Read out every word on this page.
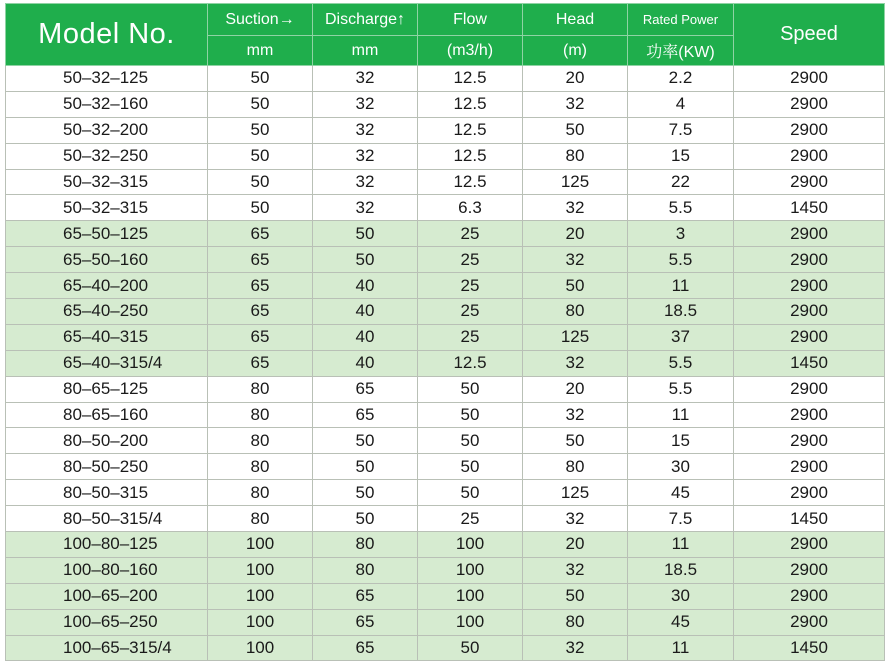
Model No.	Suction→	Discharge↑	Flow	Head	Rated Power	Speed
	mm	mm	(m3/h)	(m)	功率(KW)	
50–32–125	50	32	12.5	20	2.2	2900
50–32–160	50	32	12.5	32	4	2900
50–32–200	50	32	12.5	50	7.5	2900
50–32–250	50	32	12.5	80	15	2900
50–32–315	50	32	12.5	125	22	2900
50–32–315	50	32	6.3	32	5.5	1450
65–50–125	65	50	25	20	3	2900
65–50–160	65	50	25	32	5.5	2900
65–40–200	65	40	25	50	11	2900
65–40–250	65	40	25	80	18.5	2900
65–40–315	65	40	25	125	37	2900
65–40–315/4	65	40	12.5	32	5.5	1450
80–65–125	80	65	50	20	5.5	2900
80–65–160	80	65	50	32	11	2900
80–50–200	80	50	50	50	15	2900
80–50–250	80	50	50	80	30	2900
80–50–315	80	50	50	125	45	2900
80–50–315/4	80	50	25	32	7.5	1450
100–80–125	100	80	100	20	11	2900
100–80–160	100	80	100	32	18.5	2900
100–65–200	100	65	100	50	30	2900
100–65–250	100	65	100	80	45	2900
100–65–315/4	100	65	50	32	11	1450
